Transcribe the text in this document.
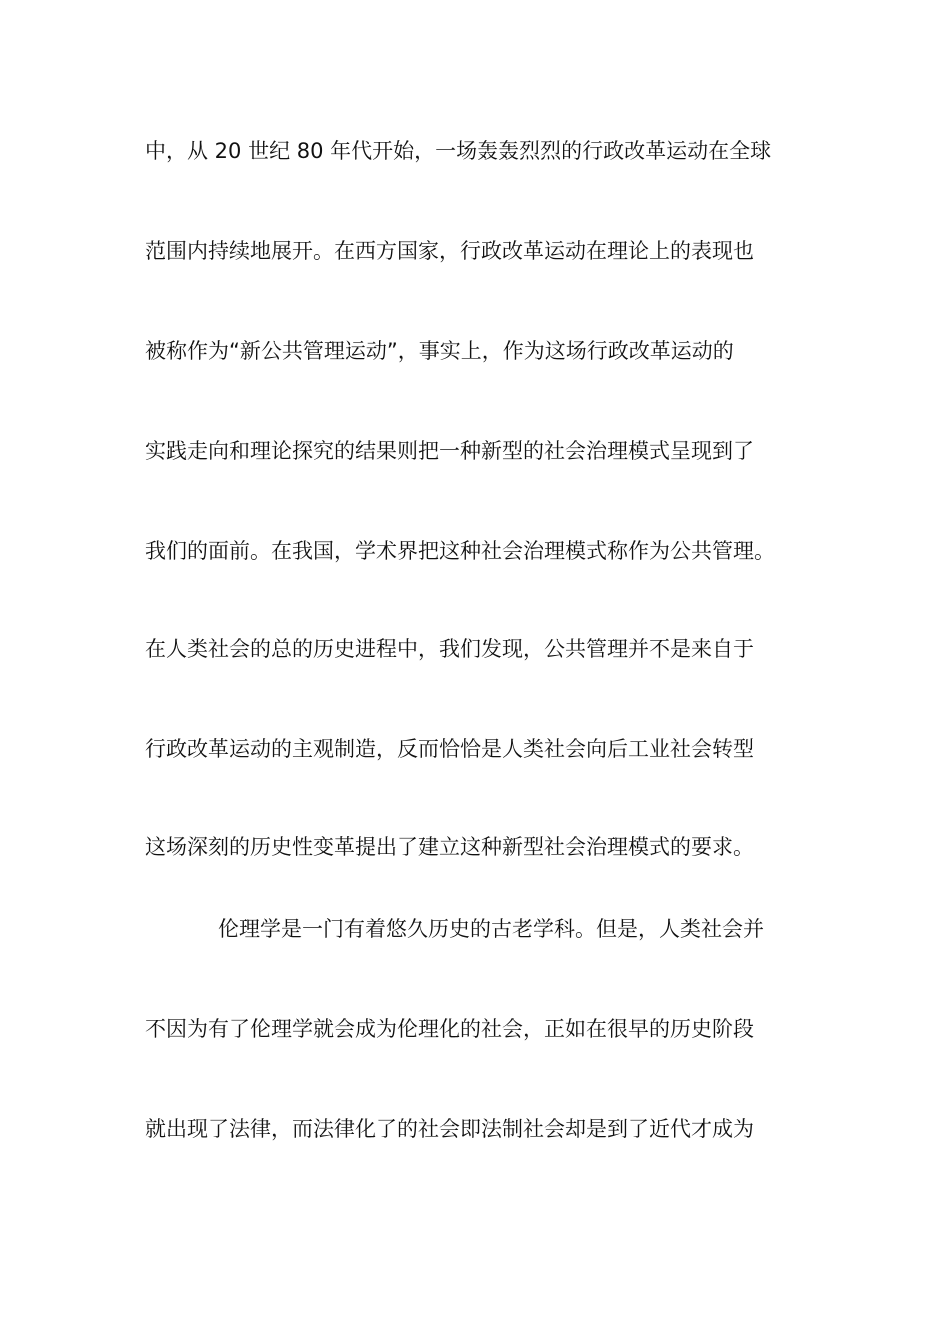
中，从 20 世纪 80 年代开始，一场轰轰烈烈的行政改革运动在全球
范围内持续地展开。在西方国家，行政改革运动在理论上的表现也
被称作为“新公共管理运动”，事实上，作为这场行政改革运动的
实践走向和理论探究的结果则把一种新型的社会治理模式呈现到了
我们的面前。在我国，学术界把这种社会治理模式称作为公共管理。
在人类社会的总的历史进程中，我们发现，公共管理并不是来自于
行政改革运动的主观制造，反而恰恰是人类社会向后工业社会转型
这场深刻的历史性变革提出了建立这种新型社会治理模式的要求。
伦理学是一门有着悠久历史的古老学科。但是，人类社会并
不因为有了伦理学就会成为伦理化的社会，正如在很早的历史阶段
就出现了法律，而法律化了的社会即法制社会却是到了近代才成为
